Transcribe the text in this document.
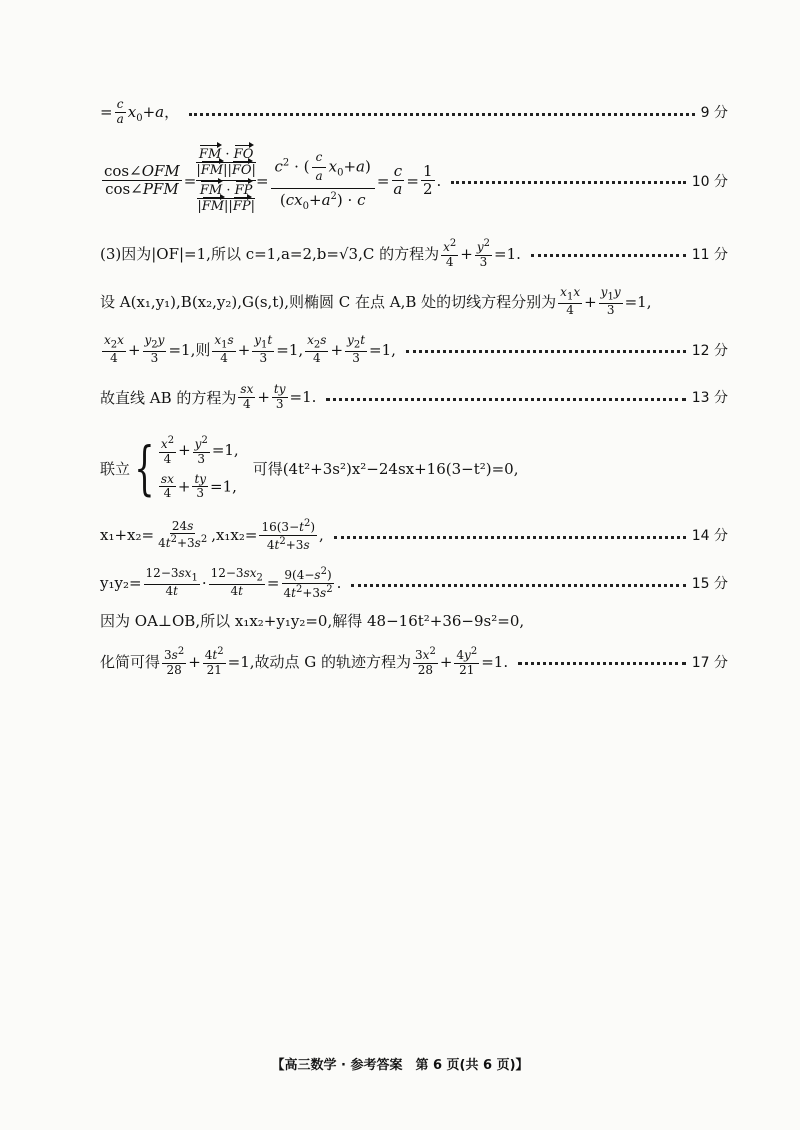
= $\frac{c}{a} x_0+a$，	9 分
$\frac{\text{cos∠OFM}}{\text{cos∠PFM}}$ = FM · FO
|FM||FO|
FM · FP
$|FM||FP| = \frac{c^2 \cdot ( \frac{c}{a} x_0+a)}{(cx_0+a^2) \cdot c} = \frac{c}{a} = \frac{1}{2}$ .	10 分
(3)因为|OF|=1,所以 c=1,a=2,b=√3,C 的方程为 $\frac{x^2}{4} + \frac{y^2}{3} =1$.	11 分
设 A(x₁,y₁),B(x₂,y₂),G(s,t),则椭圆 C 在点 A,B 处的切线方程分别为 $\frac{x_1x}{4} + \frac{y_1y}{3} =1$,
$\frac{x_2x}{4} + \frac{y_2y}{3} =1$ ,则 $\frac{x_1s}{4} + \frac{y_1t}{3} =1$, $\frac{x_2s}{4} + \frac{y_2t}{3} =1$,	12 分
故直线 AB 的方程为 $\frac{sx}{4} + \frac{ty}{3} =1$.	13 分
联立 { $\frac{x^2}{4} + \frac{y^2}{3} =1$,
$\frac{sx}{4} + \frac{ty}{3} =1$,
可得(4t²+3s²)x²−24sx+16(3−t²)=0,
$x_1+x_2= \frac{24s}{4t^2+3s^2} ,x_1x_2= \frac{16(3-t^2)}{4t^2+3s}$ ,	14 分
$y_1y_2= \frac{12-3sx_1}{4t} \cdot \frac{12-3sx_2}{4t} = \frac{9(4-s^2)}{4t^2+3s^2}$ .	15 分
因为 OA⊥OB,所以 x₁x₂+y₁y₂=0,解得 48−16t²+36−9s²=0,
化简可得 $\frac{3s^2}{28} + \frac{4t^2}{21} =1$,故动点 G 的轨迹方程为 $\frac{3x^2}{28} + \frac{4y^2}{21} =1$.	17 分
【高三数学 · 参考答案　第 6 页(共 6 页)】
